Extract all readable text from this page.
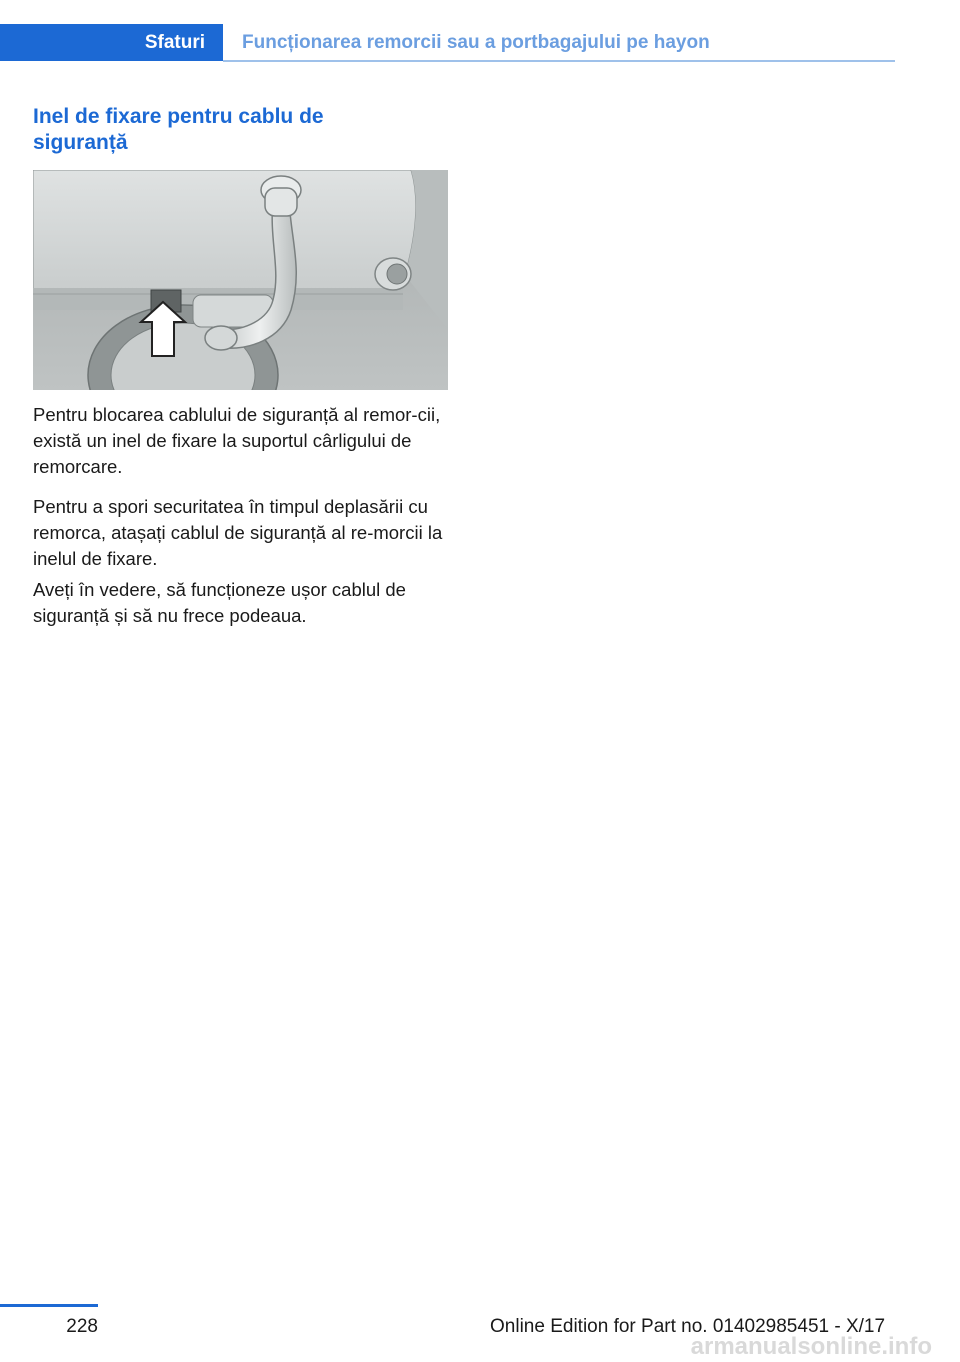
Sfaturi	Funcționarea remorcii sau a portbagajului pe hayon
Inel de fixare pentru cablu de siguranță

Pentru blocarea cablului de siguranță al remor-cii, există un inel de fixare la suportul cârligului de remorcare.

Pentru a spori securitatea în timpul deplasării cu remorca, atașați cablul de siguranță al re-morcii la inelul de fixare.

Aveți în vedere, să funcționeze ușor cablul de siguranță și să nu frece podeaua.

228	Online Edition for Part no. 01402985451 - X/17
armanualsonline.info
